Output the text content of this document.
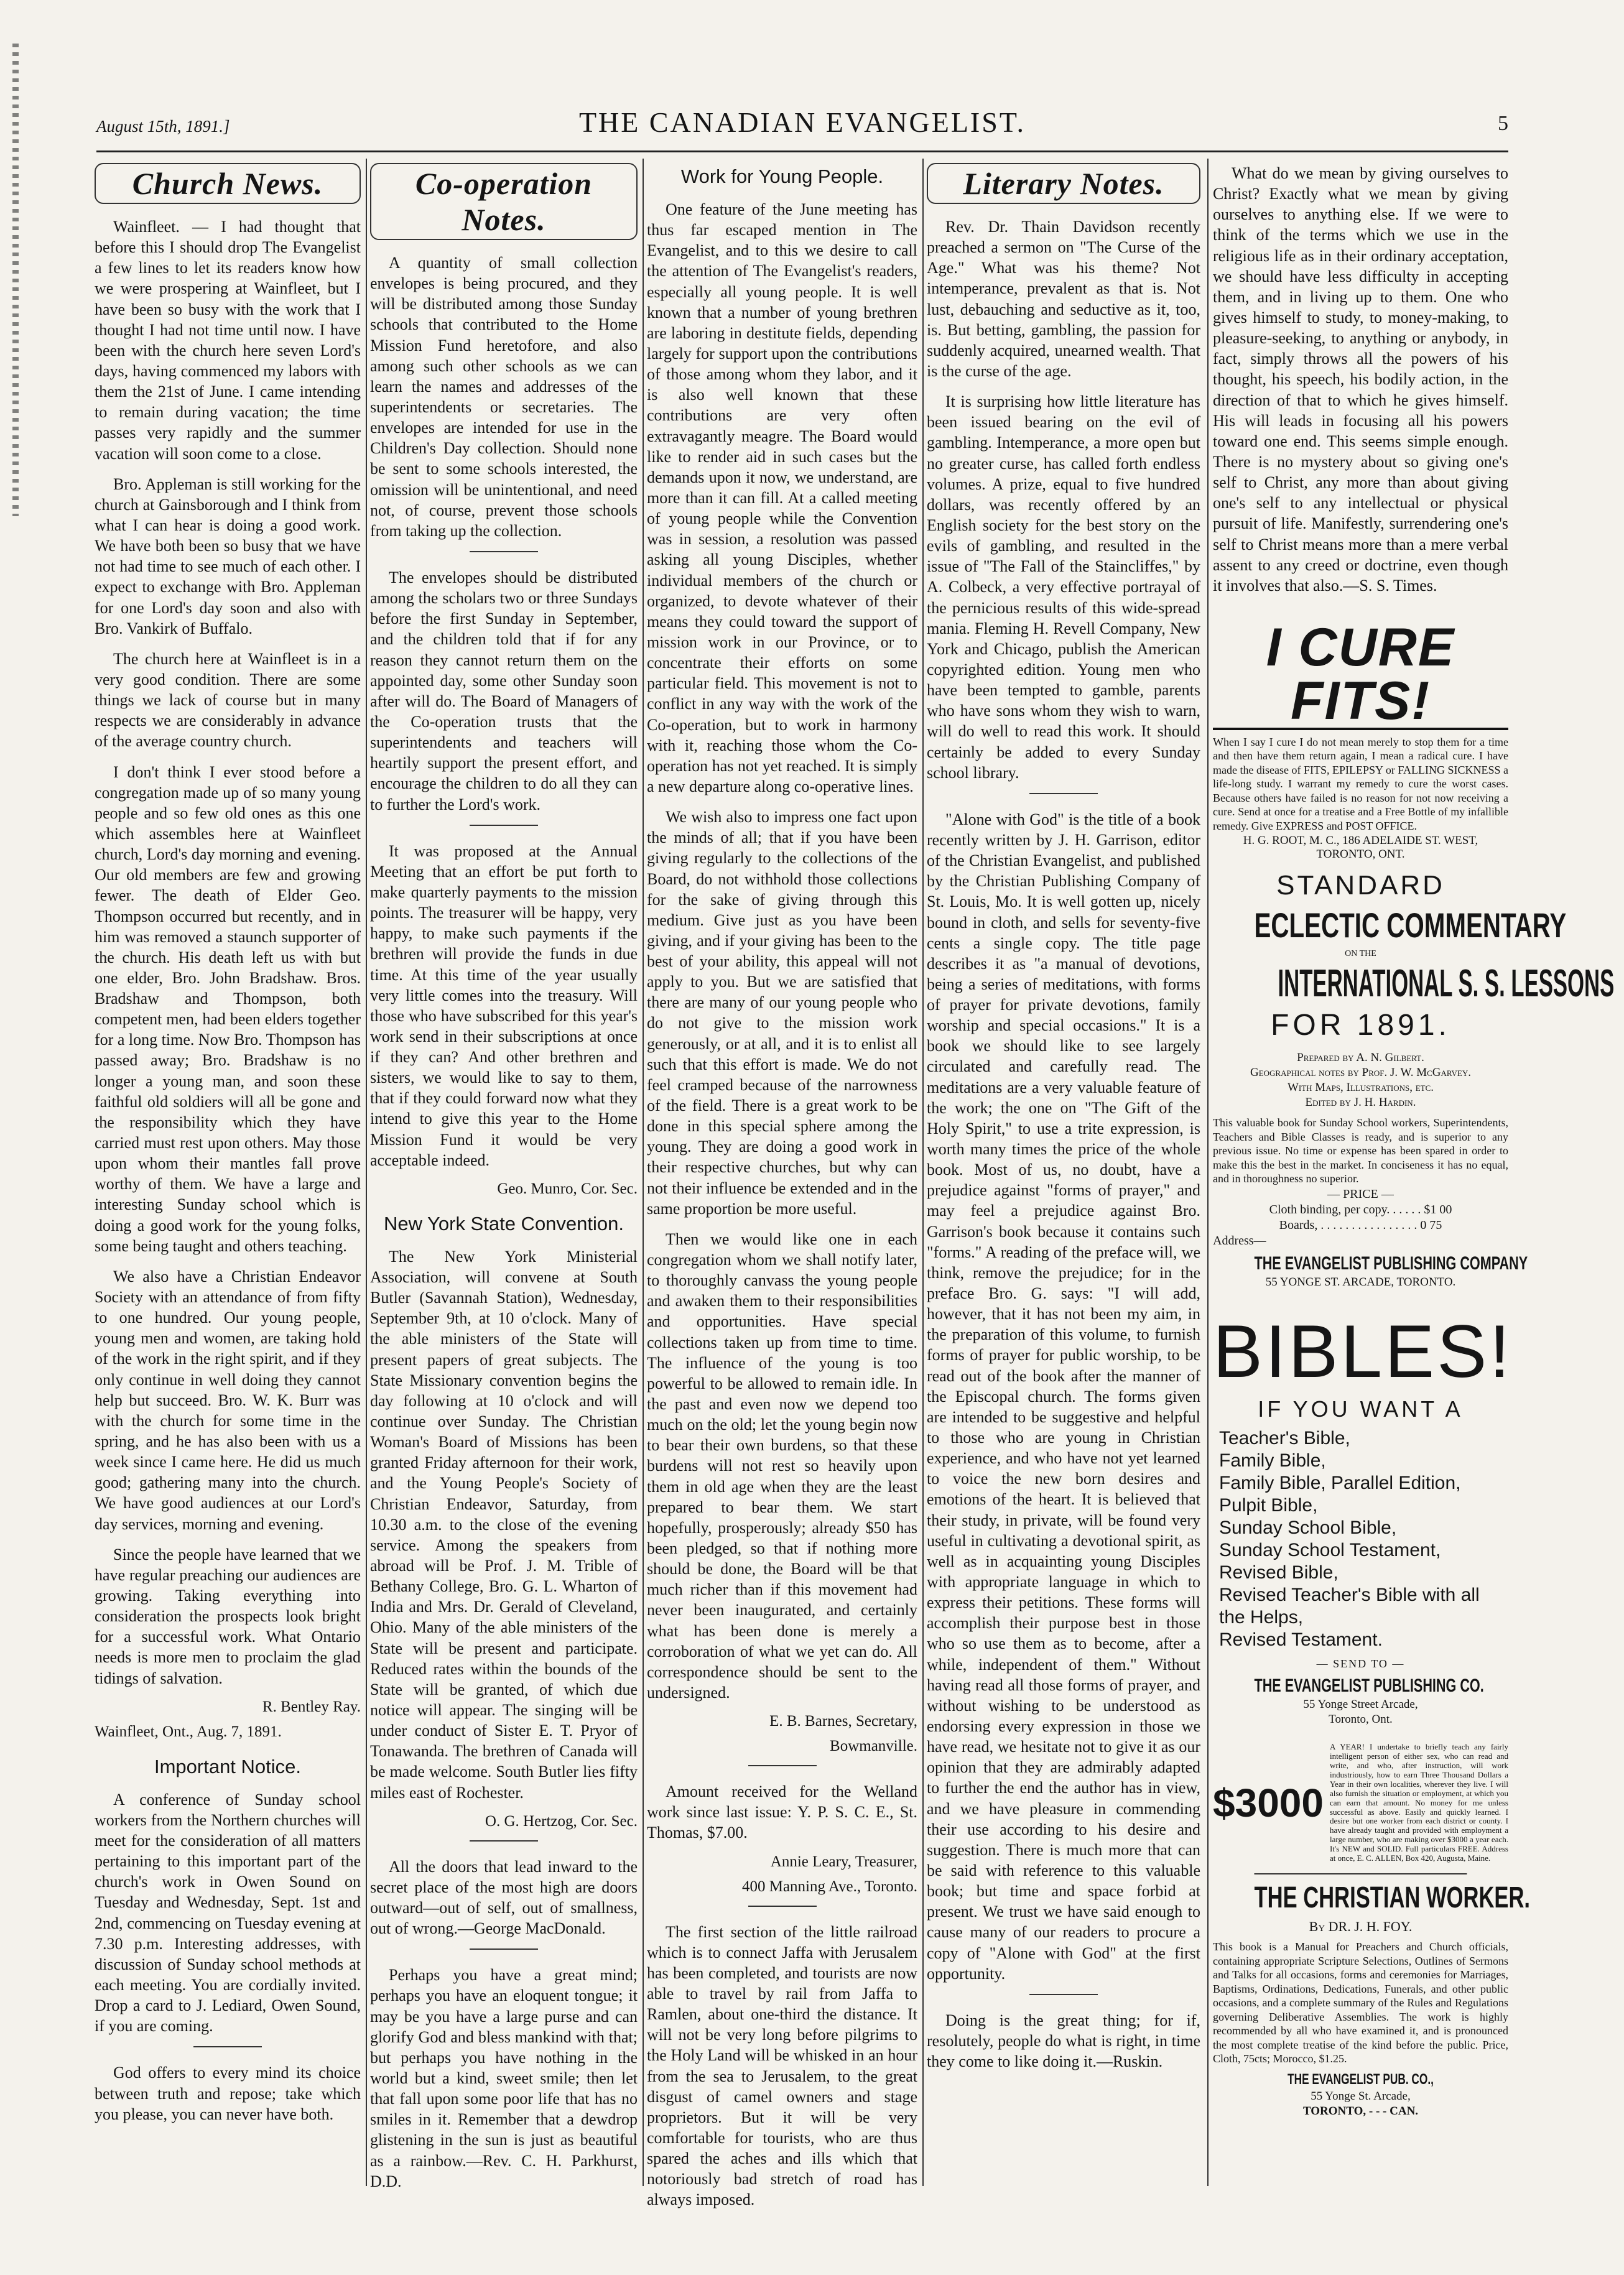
August 15th, 1891.]	THE CANADIAN EVANGELIST.	5
Church News.

Wainfleet. — I had thought that before this I should drop The Evangelist a few lines to let its readers know how we were prospering at Wainfleet, but I have been so busy with the work that I thought I had not time until now. I have been with the church here seven Lord's days, having commenced my labors with them the 21st of June. I came intending to remain during vacation; the time passes very rapidly and the summer vacation will soon come to a close.

Bro. Appleman is still working for the church at Gainsborough and I think from what I can hear is doing a good work. We have both been so busy that we have not had time to see much of each other. I expect to exchange with Bro. Appleman for one Lord's day soon and also with Bro. Vankirk of Buffalo.

The church here at Wainfleet is in a very good condition. There are some things we lack of course but in many respects we are considerably in advance of the average country church.

I don't think I ever stood before a congregation made up of so many young people and so few old ones as this one which assembles here at Wainfleet church, Lord's day morning and evening. Our old members are few and growing fewer. The death of Elder Geo. Thompson occurred but recently, and in him was removed a staunch supporter of the church. His death left us with but one elder, Bro. John Bradshaw. Bros. Bradshaw and Thompson, both competent men, had been elders together for a long time. Now Bro. Thompson has passed away; Bro. Bradshaw is no longer a young man, and soon these faithful old soldiers will all be gone and the responsibility which they have carried must rest upon others. May those upon whom their mantles fall prove worthy of them. We have a large and interesting Sunday school which is doing a good work for the young folks, some being taught and others teaching.

We also have a Christian Endeavor Society with an attendance of from fifty to one hundred. Our young people, young men and women, are taking hold of the work in the right spirit, and if they only continue in well doing they cannot help but succeed. Bro. W. K. Burr was with the church for some time in the spring, and he has also been with us a week since I came here. He did us much good; gathering many into the church. We have good audiences at our Lord's day services, morning and evening.

Since the people have learned that we have regular preaching our audiences are growing. Taking everything into consideration the prospects look bright for a successful work. What Ontario needs is more men to proclaim the glad tidings of salvation.

R. Bentley Ray.
Wainfleet, Ont., Aug. 7, 1891.
Important Notice.

A conference of Sunday school workers from the Northern churches will meet for the consideration of all matters pertaining to this important part of the church's work in Owen Sound on Tuesday and Wednesday, Sept. 1st and 2nd, commencing on Tuesday evening at 7.30 p.m. Interesting addresses, with discussion of Sunday school methods at each meeting. You are cordially invited. Drop a card to J. Lediard, Owen Sound, if you are coming.

God offers to every mind its choice between truth and repose; take which you please, you can never have both.

Co-operation Notes.

A quantity of small collection envelopes is being procured, and they will be distributed among those Sunday schools that contributed to the Home Mission Fund heretofore, and also among such other schools as we can learn the names and addresses of the superintendents or secretaries. The envelopes are intended for use in the Children's Day collection. Should none be sent to some schools interested, the omission will be unintentional, and need not, of course, prevent those schools from taking up the collection.

The envelopes should be distributed among the scholars two or three Sundays before the first Sunday in September, and the children told that if for any reason they cannot return them on the appointed day, some other Sunday soon after will do. The Board of Managers of the Co-operation trusts that the superintendents and teachers will heartily support the present effort, and encourage the children to do all they can to further the Lord's work.

It was proposed at the Annual Meeting that an effort be put forth to make quarterly payments to the mission points. The treasurer will be happy, very happy, to make such payments if the brethren will provide the funds in due time. At this time of the year usually very little comes into the treasury. Will those who have subscribed for this year's work send in their subscriptions at once if they can? And other brethren and sisters, we would like to say to them, that if they could forward now what they intend to give this year to the Home Mission Fund it would be very acceptable indeed.

Geo. Munro, Cor. Sec.
New York State Convention.

The New York Ministerial Association, will convene at South Butler (Savannah Station), Wednesday, September 9th, at 10 o'clock. Many of the able ministers of the State will present papers of great subjects. The State Missionary convention begins the day following at 10 o'clock and will continue over Sunday. The Christian Woman's Board of Missions has been granted Friday afternoon for their work, and the Young People's Society of Christian Endeavor, Saturday, from 10.30 a.m. to the close of the evening service. Among the speakers from abroad will be Prof. J. M. Trible of Bethany College, Bro. G. L. Wharton of India and Mrs. Dr. Gerald of Cleveland, Ohio. Many of the able ministers of the State will be present and participate. Reduced rates within the bounds of the State will be granted, of which due notice will appear. The singing will be under conduct of Sister E. T. Pryor of Tonawanda. The brethren of Canada will be made welcome. South Butler lies fifty miles east of Rochester.

O. G. Hertzog, Cor. Sec.

All the doors that lead inward to the secret place of the most high are doors outward—out of self, out of smallness, out of wrong.—George MacDonald.

Perhaps you have a great mind; perhaps you have an eloquent tongue; it may be you have a large purse and can glorify God and bless mankind with that; but perhaps you have nothing in the world but a kind, sweet smile; then let that fall upon some poor life that has no smiles in it. Remember that a dewdrop glistening in the sun is just as beautiful as a rainbow.—Rev. C. H. Parkhurst, D.D.

Work for Young People.

One feature of the June meeting has thus far escaped mention in The Evangelist, and to this we desire to call the attention of The Evangelist's readers, especially all young people. It is well known that a number of young brethren are laboring in destitute fields, depending largely for support upon the contributions of those among whom they labor, and it is also well known that these contributions are very often extravagantly meagre. The Board would like to render aid in such cases but the demands upon it now, we understand, are more than it can fill. At a called meeting of young people while the Convention was in session, a resolution was passed asking all young Disciples, whether individual members of the church or organized, to devote whatever of their means they could toward the support of mission work in our Province, or to concentrate their efforts on some particular field. This movement is not to conflict in any way with the work of the Co-operation, but to work in harmony with it, reaching those whom the Co-operation has not yet reached. It is simply a new departure along co-operative lines.

We wish also to impress one fact upon the minds of all; that if you have been giving regularly to the collections of the Board, do not withhold those collections for the sake of giving through this medium. Give just as you have been giving, and if your giving has been to the best of your ability, this appeal will not apply to you. But we are satisfied that there are many of our young people who do not give to the mission work generously, or at all, and it is to enlist all such that this effort is made. We do not feel cramped because of the narrowness of the field. There is a great work to be done in this special sphere among the young. They are doing a good work in their respective churches, but why can not their influence be extended and in the same proportion be more useful.

Then we would like one in each congregation whom we shall notify later, to thoroughly canvass the young people and awaken them to their responsibilities and opportunities. Have special collections taken up from time to time. The influence of the young is too powerful to be allowed to remain idle. In the past and even now we depend too much on the old; let the young begin now to bear their own burdens, so that these burdens will not rest so heavily upon them in old age when they are the least prepared to bear them. We start hopefully, prosperously; already $50 has been pledged, so that if nothing more should be done, the Board will be that much richer than if this movement had never been inaugurated, and certainly what has been done is merely a corroboration of what we yet can do. All correspondence should be sent to the undersigned.

E. B. Barnes, Secretary,
Bowmanville.

Amount received for the Welland work since last issue: Y. P. S. C. E., St. Thomas, $7.00.

Annie Leary, Treasurer,
400 Manning Ave., Toronto.

The first section of the little railroad which is to connect Jaffa with Jerusalem has been completed, and tourists are now able to travel by rail from Jaffa to Ramlen, about one-third the distance. It will not be very long before pilgrims to the Holy Land will be whisked in an hour from the sea to Jerusalem, to the great disgust of camel owners and stage proprietors. But it will be very comfortable for tourists, who are thus spared the aches and ills which that notoriously bad stretch of road has always imposed.

Literary Notes.

Rev. Dr. Thain Davidson recently preached a sermon on "The Curse of the Age." What was his theme? Not intemperance, prevalent as that is. Not lust, debauching and seductive as it, too, is. But betting, gambling, the passion for suddenly acquired, unearned wealth. That is the curse of the age.

It is surprising how little literature has been issued bearing on the evil of gambling. Intemperance, a more open but no greater curse, has called forth endless volumes. A prize, equal to five hundred dollars, was recently offered by an English society for the best story on the evils of gambling, and resulted in the issue of "The Fall of the Staincliffes," by A. Colbeck, a very effective portrayal of the pernicious results of this wide-spread mania. Fleming H. Revell Company, New York and Chicago, publish the American copyrighted edition. Young men who have been tempted to gamble, parents who have sons whom they wish to warn, will do well to read this work. It should certainly be added to every Sunday school library.

"Alone with God" is the title of a book recently written by J. H. Garrison, editor of the Christian Evangelist, and published by the Christian Publishing Company of St. Louis, Mo. It is well gotten up, nicely bound in cloth, and sells for seventy-five cents a single copy. The title page describes it as "a manual of devotions, being a series of meditations, with forms of prayer for private devotions, family worship and special occasions." It is a book we should like to see largely circulated and carefully read. The meditations are a very valuable feature of the work; the one on "The Gift of the Holy Spirit," to use a trite expression, is worth many times the price of the whole book. Most of us, no doubt, have a prejudice against "forms of prayer," and may feel a prejudice against Bro. Garrison's book because it contains such "forms." A reading of the preface will, we think, remove the prejudice; for in the preface Bro. G. says: "I will add, however, that it has not been my aim, in the preparation of this volume, to furnish forms of prayer for public worship, to be read out of the book after the manner of the Episcopal church. The forms given are intended to be suggestive and helpful to those who are young in Christian experience, and who have not yet learned to voice the new born desires and emotions of the heart. It is believed that their study, in private, will be found very useful in cultivating a devotional spirit, as well as in acquainting young Disciples with appropriate language in which to express their petitions. These forms will accomplish their purpose best in those who so use them as to become, after a while, independent of them." Without having read all those forms of prayer, and without wishing to be understood as endorsing every expression in those we have read, we hesitate not to give it as our opinion that they are admirably adapted to further the end the author has in view, and we have pleasure in commending their use according to his desire and suggestion. There is much more that can be said with reference to this valuable book; but time and space forbid at present. We trust we have said enough to cause many of our readers to procure a copy of "Alone with God" at the first opportunity.

Doing is the great thing; for if, resolutely, people do what is right, in time they come to like doing it.—Ruskin.

What do we mean by giving ourselves to Christ? Exactly what we mean by giving ourselves to anything else. If we were to think of the terms which we use in the religious life as in their ordinary acceptation, we should have less difficulty in accepting them, and in living up to them. One who gives himself to study, to money-making, to pleasure-seeking, to anything or anybody, in fact, simply throws all the powers of his thought, his speech, his bodily action, in the direction of that to which he gives himself. His will leads in focusing all his powers toward one end. This seems simple enough. There is no mystery about so giving one's self to Christ, any more than about giving one's self to any intellectual or physical pursuit of life. Manifestly, surrendering one's self to Christ means more than a mere verbal assent to any creed or doctrine, even though it involves that also.—S. S. Times.

I CURE FITS!
When I say I cure I do not mean merely to stop them for a time and then have them return again, I mean a radical cure. I have made the disease of FITS, EPILEPSY or FALLING SICKNESS a life-long study. I warrant my remedy to cure the worst cases. Because others have failed is no reason for not now receiving a cure. Send at once for a treatise and a Free Bottle of my infallible remedy. Give EXPRESS and POST OFFICE.
H. G. ROOT, M. C., 186 ADELAIDE ST. WEST, TORONTO, ONT.
STANDARD
ECLECTIC COMMENTARY
ON THE
INTERNATIONAL S. S. LESSONS
FOR 1891.
Prepared by A. N. Gilbert.
Geographical notes by Prof. J. W. McGarvey.
With Maps, Illustrations, etc.
Edited by J. H. Hardin.
This valuable book for Sunday School workers, Superintendents, Teachers and Bible Classes is ready, and is superior to any previous issue. No time or expense has been spared in order to make this the best in the market. In conciseness it has no equal, and in thoroughness no superior.
— PRICE —
Cloth binding, per copy. . . . . . $1 00
Boards, . . . . . . . . . . . . . . . . 0 75
Address—
THE EVANGELIST PUBLISHING COMPANY
55 YONGE ST. ARCADE, TORONTO.
BIBLES!
IF YOU WANT A
Teacher's Bible,
Family Bible,
Family Bible, Parallel Edition,
Pulpit Bible,
Sunday School Bible,
Sunday School Testament,
Revised Bible,
Revised Teacher's Bible with all the Helps,
Revised Testament.
— SEND TO —
THE EVANGELIST PUBLISHING CO.
55 Yonge Street Arcade,
Toronto, Ont.
$3000
A YEAR! I undertake to briefly teach any fairly intelligent person of either sex, who can read and write, and who, after instruction, will work industriously, how to earn Three Thousand Dollars a Year in their own localities, wherever they live. I will also furnish the situation or employment, at which you can earn that amount. No money for me unless successful as above. Easily and quickly learned. I desire but one worker from each district or county. I have already taught and provided with employment a large number, who are making over $3000 a year each. It's NEW and SOLID. Full particulars FREE. Address at once, E. C. ALLEN, Box 420, Augusta, Maine.
THE CHRISTIAN WORKER.
By DR. J. H. FOY.
This book is a Manual for Preachers and Church officials, containing appropriate Scripture Selections, Outlines of Sermons and Talks for all occasions, forms and ceremonies for Marriages, Baptisms, Ordinations, Dedications, Funerals, and other public occasions, and a complete summary of the Rules and Regulations governing Deliberative Assemblies. The work is highly recommended by all who have examined it, and is pronounced the most complete treatise of the kind before the public. Price, Cloth, 75cts; Morocco, $1.25.
THE EVANGELIST PUB. CO.,
55 Yonge St. Arcade,
TORONTO, - - - CAN.
